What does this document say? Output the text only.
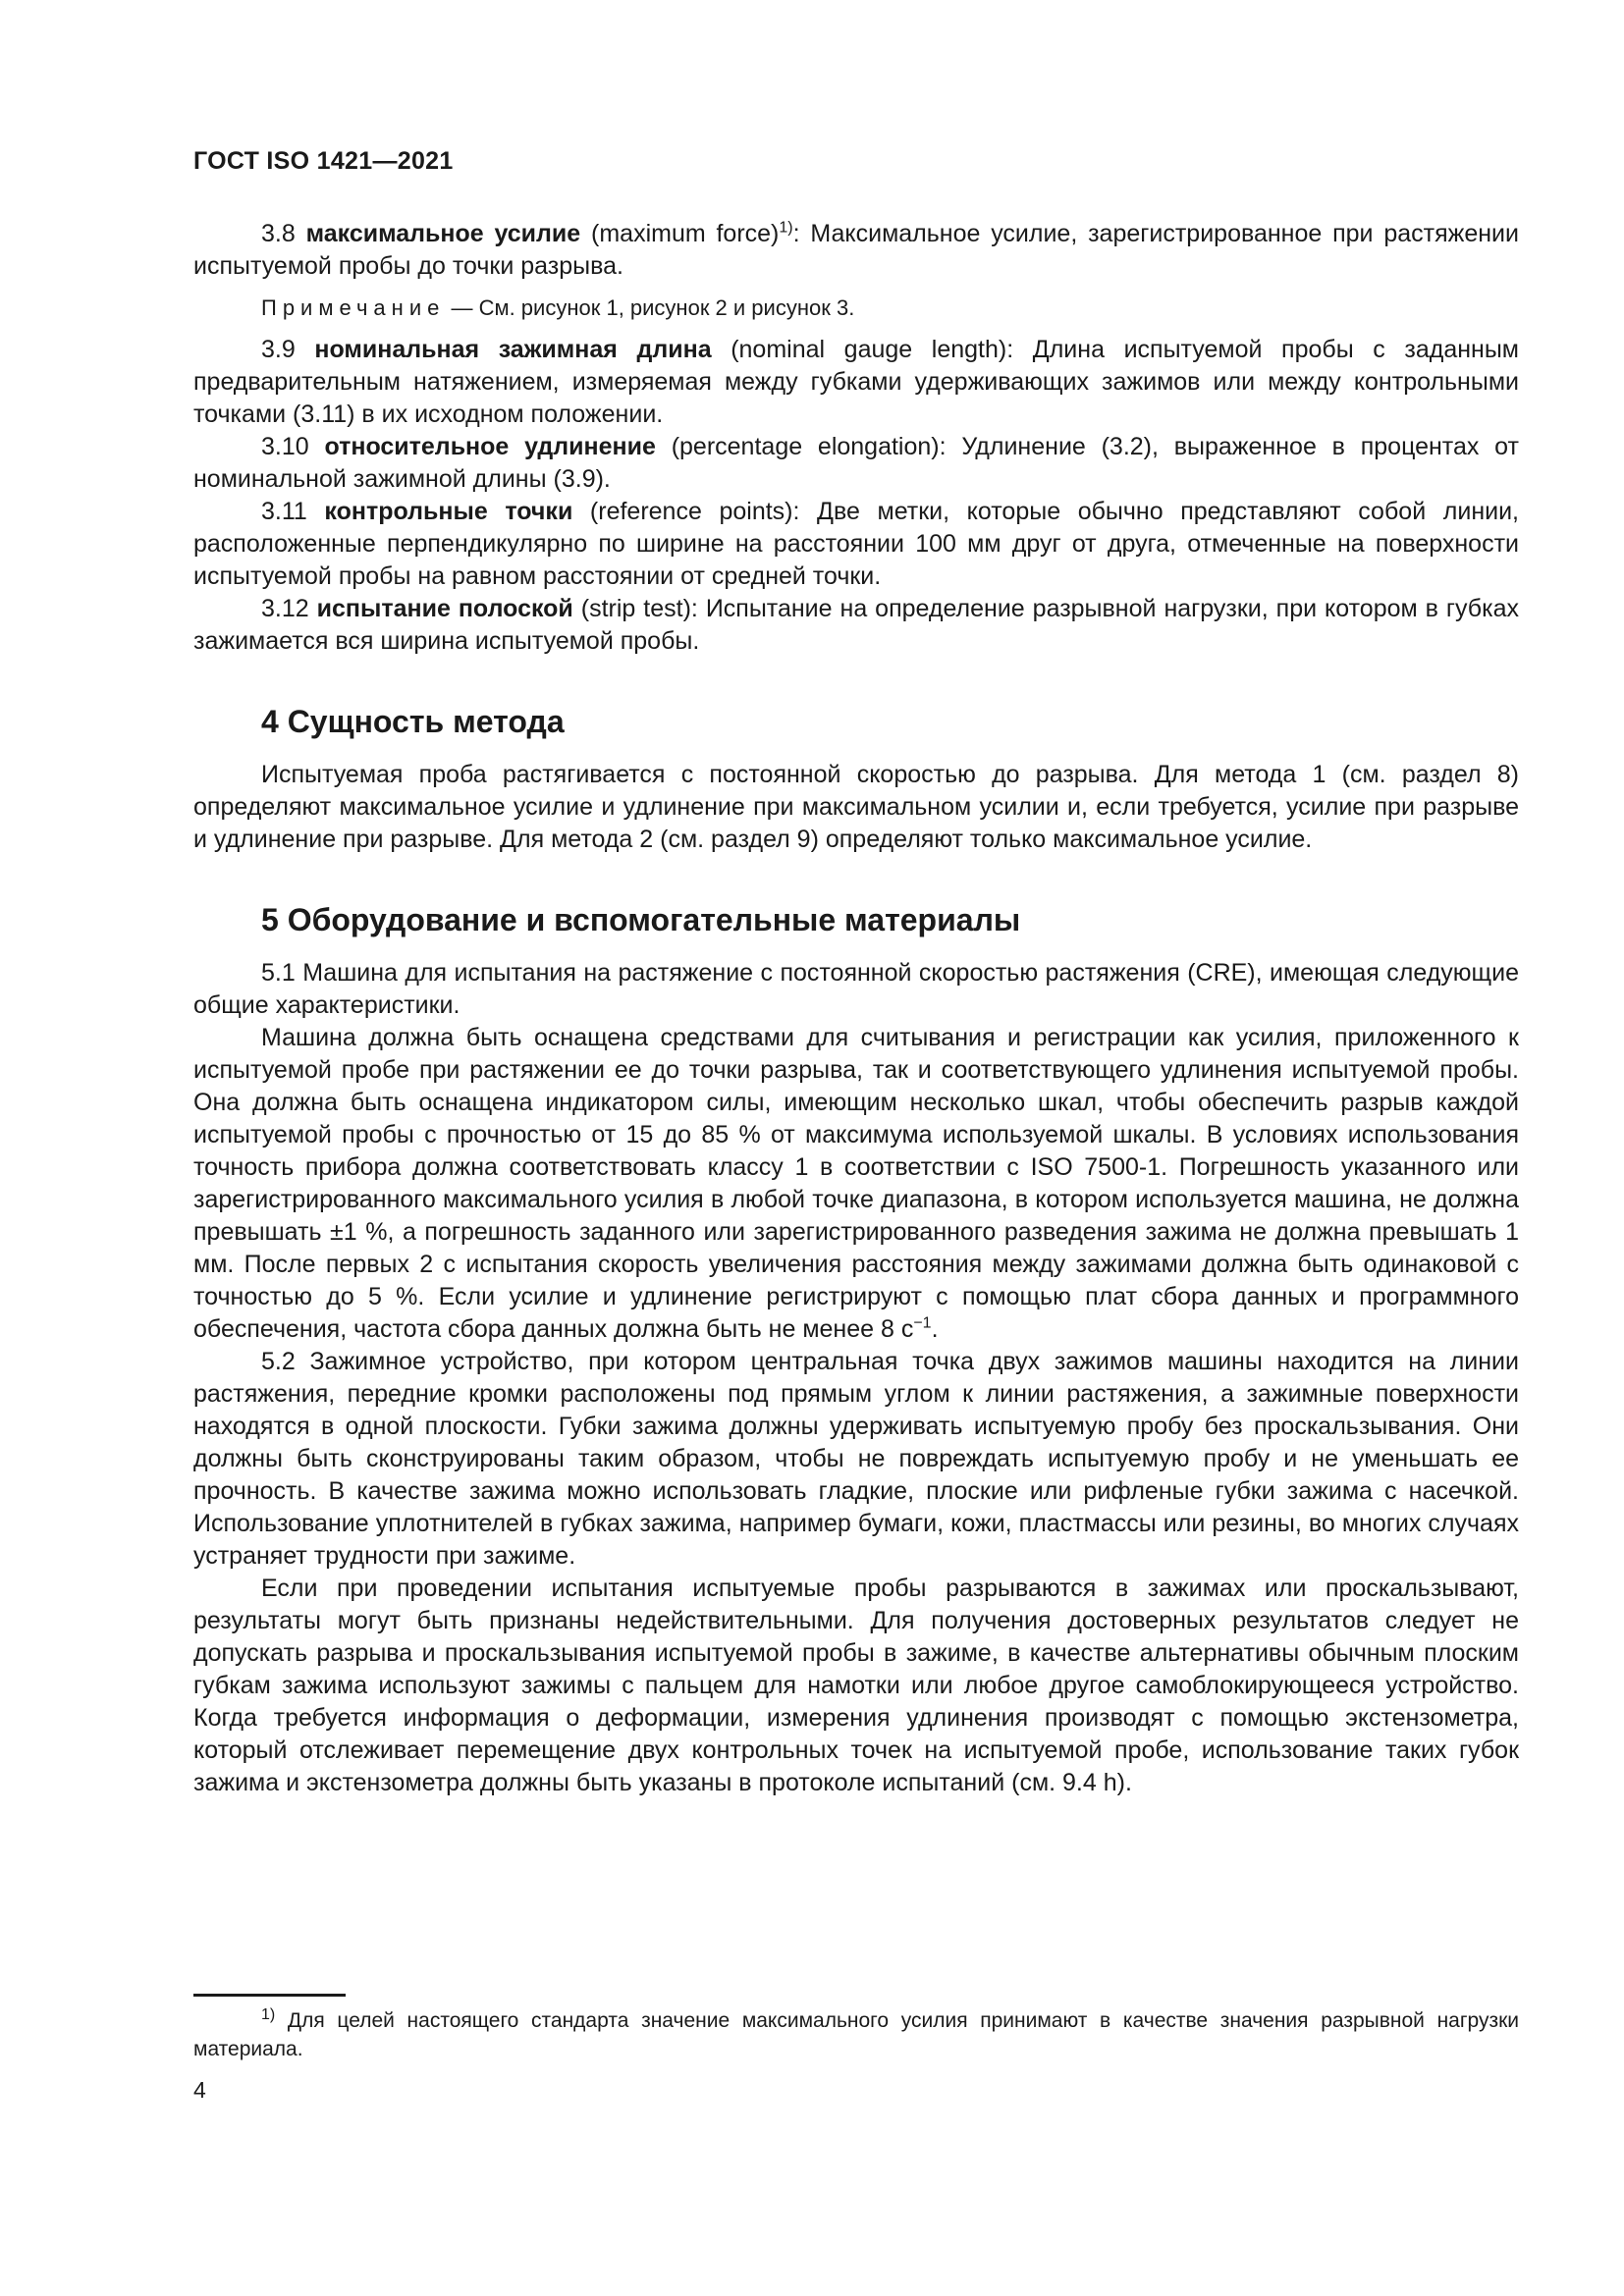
ГОСТ ISO 1421—2021

3.8 максимальное усилие (maximum force)$^{1)}$: Максимальное усилие, зарегистрированное при растяжении испытуемой пробы до точки разрыва.

Примечание — См. рисунок 1, рисунок 2 и рисунок 3.

3.9 номинальная зажимная длина (nominal gauge length): Длина испытуемой пробы с заданным предварительным натяжением, измеряемая между губками удерживающих зажимов или между контрольными точками (3.11) в их исходном положении.

3.10 относительное удлинение (percentage elongation): Удлинение (3.2), выраженное в процентах от номинальной зажимной длины (3.9).

3.11 контрольные точки (reference points): Две метки, которые обычно представляют собой линии, расположенные перпендикулярно по ширине на расстоянии 100 мм друг от друга, отмеченные на поверхности испытуемой пробы на равном расстоянии от средней точки.

3.12 испытание полоской (strip test): Испытание на определение разрывной нагрузки, при котором в губках зажимается вся ширина испытуемой пробы.

4 Сущность метода

Испытуемая проба растягивается с постоянной скоростью до разрыва. Для метода 1 (см. раздел 8) определяют максимальное усилие и удлинение при максимальном усилии и, если требуется, усилие при разрыве и удлинение при разрыве. Для метода 2 (см. раздел 9) определяют только максимальное усилие.

5 Оборудование и вспомогательные материалы

5.1 Машина для испытания на растяжение с постоянной скоростью растяжения (CRE), имеющая следующие общие характеристики.

Машина должна быть оснащена средствами для считывания и регистрации как усилия, приложенного к испытуемой пробе при растяжении ее до точки разрыва, так и соответствующего удлинения испытуемой пробы. Она должна быть оснащена индикатором силы, имеющим несколько шкал, чтобы обеспечить разрыв каждой испытуемой пробы с прочностью от 15 до 85 % от максимума используемой шкалы. В условиях использования точность прибора должна соответствовать классу 1 в соответствии с ISO 7500-1. Погрешность указанного или зарегистрированного максимального усилия в любой точке диапазона, в котором используется машина, не должна превышать ±1 %, а погрешность заданного или зарегистрированного разведения зажима не должна превышать 1 мм. После первых 2 с испытания скорость увеличения расстояния между зажимами должна быть одинаковой с точностью до 5 %. Если усилие и удлинение регистрируют с помощью плат сбора данных и программного обеспечения, частота сбора данных должна быть не менее 8 $с^{-1}$.

5.2 Зажимное устройство, при котором центральная точка двух зажимов машины находится на линии растяжения, передние кромки расположены под прямым углом к линии растяжения, а зажимные поверхности находятся в одной плоскости. Губки зажима должны удерживать испытуемую пробу без проскальзывания. Они должны быть сконструированы таким образом, чтобы не повреждать испытуемую пробу и не уменьшать ее прочность. В качестве зажима можно использовать гладкие, плоские или рифленые губки зажима с насечкой. Использование уплотнителей в губках зажима, например бумаги, кожи, пластмассы или резины, во многих случаях устраняет трудности при зажиме.

Если при проведении испытания испытуемые пробы разрываются в зажимах или проскальзывают, результаты могут быть признаны недействительными. Для получения достоверных результатов следует не допускать разрыва и проскальзывания испытуемой пробы в зажиме, в качестве альтернативы обычным плоским губкам зажима используют зажимы с пальцем для намотки или любое другое самоблокирующееся устройство. Когда требуется информация о деформации, измерения удлинения производят с помощью экстензометра, который отслеживает перемещение двух контрольных точек на испытуемой пробе, использование таких губок зажима и экстензометра должны быть указаны в протоколе испытаний (см. 9.4 h).

$^{1)}$ Для целей настоящего стандарта значение максимального усилия принимают в качестве значения разрывной нагрузки материала.

4
